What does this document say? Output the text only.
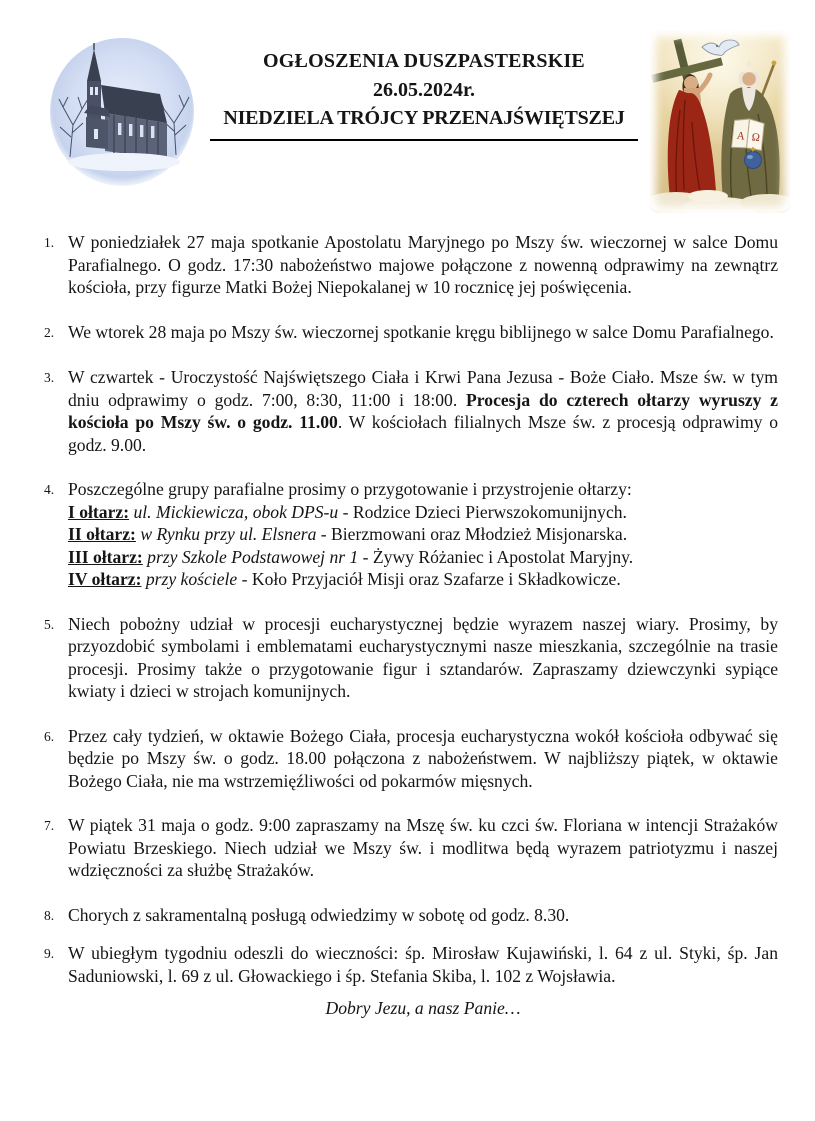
OGŁOSZENIA DUSZPASTERSKIE
26.05.2024r.
NIEDZIELA TRÓJCY PRZENAJŚWIĘTSZEJ
Α Ω
1. W poniedziałek 27 maja spotkanie Apostolatu Maryjnego po Mszy św. wieczornej w salce Domu Parafialnego. O godz. 17:30 nabożeństwo majowe połączone z nowenną odprawimy na zewnątrz kościoła, przy figurze Matki Bożej Niepokalanej w 10 rocznicę jej poświęcenia.
2. We wtorek 28 maja po Mszy św. wieczornej spotkanie kręgu biblijnego w salce Domu Parafialnego.
3. W czwartek - Uroczystość Najświętszego Ciała i Krwi Pana Jezusa - Boże Ciało. Msze św. w tym dniu odprawimy o godz. 7:00, 8:30, 11:00 i 18:00. Procesja do czterech ołtarzy wyruszy z kościoła po Mszy św. o godz. 11.00. W kościołach filialnych Msze św. z procesją odprawimy o godz. 9.00.
4. Poszczególne grupy parafialne prosimy o przygotowanie i przystrojenie ołtarzy:
I ołtarz: ul. Mickiewicza, obok DPS-u - Rodzice Dzieci Pierwszokomunijnych.
II ołtarz: w Rynku przy ul. Elsnera - Bierzmowani oraz Młodzież Misjonarska.
III ołtarz: przy Szkole Podstawowej nr 1 - Żywy Różaniec i Apostolat Maryjny.
IV ołtarz: przy kościele - Koło Przyjaciół Misji oraz Szafarze i Składkowicze.
5. Niech pobożny udział w procesji eucharystycznej będzie wyrazem naszej wiary. Prosimy, by przyozdobić symbolami i emblematami eucharystycznymi nasze mieszkania, szczególnie na trasie procesji. Prosimy także o przygotowanie figur i sztandarów. Zapraszamy dziewczynki sypiące kwiaty i dzieci w strojach komunijnych.
6. Przez cały tydzień, w oktawie Bożego Ciała, procesja eucharystyczna wokół kościoła odbywać się będzie po Mszy św. o godz. 18.00 połączona z nabożeństwem. W najbliższy piątek, w oktawie Bożego Ciała, nie ma wstrzemięźliwości od pokarmów mięsnych.
7. W piątek 31 maja o godz. 9:00 zapraszamy na Mszę św. ku czci św. Floriana w intencji Strażaków Powiatu Brzeskiego. Niech udział we Mszy św. i modlitwa będą wyrazem patriotyzmu i naszej wdzięczności za służbę Strażaków.
8. Chorych z sakramentalną posługą odwiedzimy w sobotę od godz. 8.30.
9. W ubiegłym tygodniu odeszli do wieczności: śp. Mirosław Kujawiński, l. 64 z ul. Styki, śp. Jan Saduniowski, l. 69 z ul. Głowackiego i śp. Stefania Skiba, l. 102 z Wojsławia.
Dobry Jezu, a nasz Panie…
